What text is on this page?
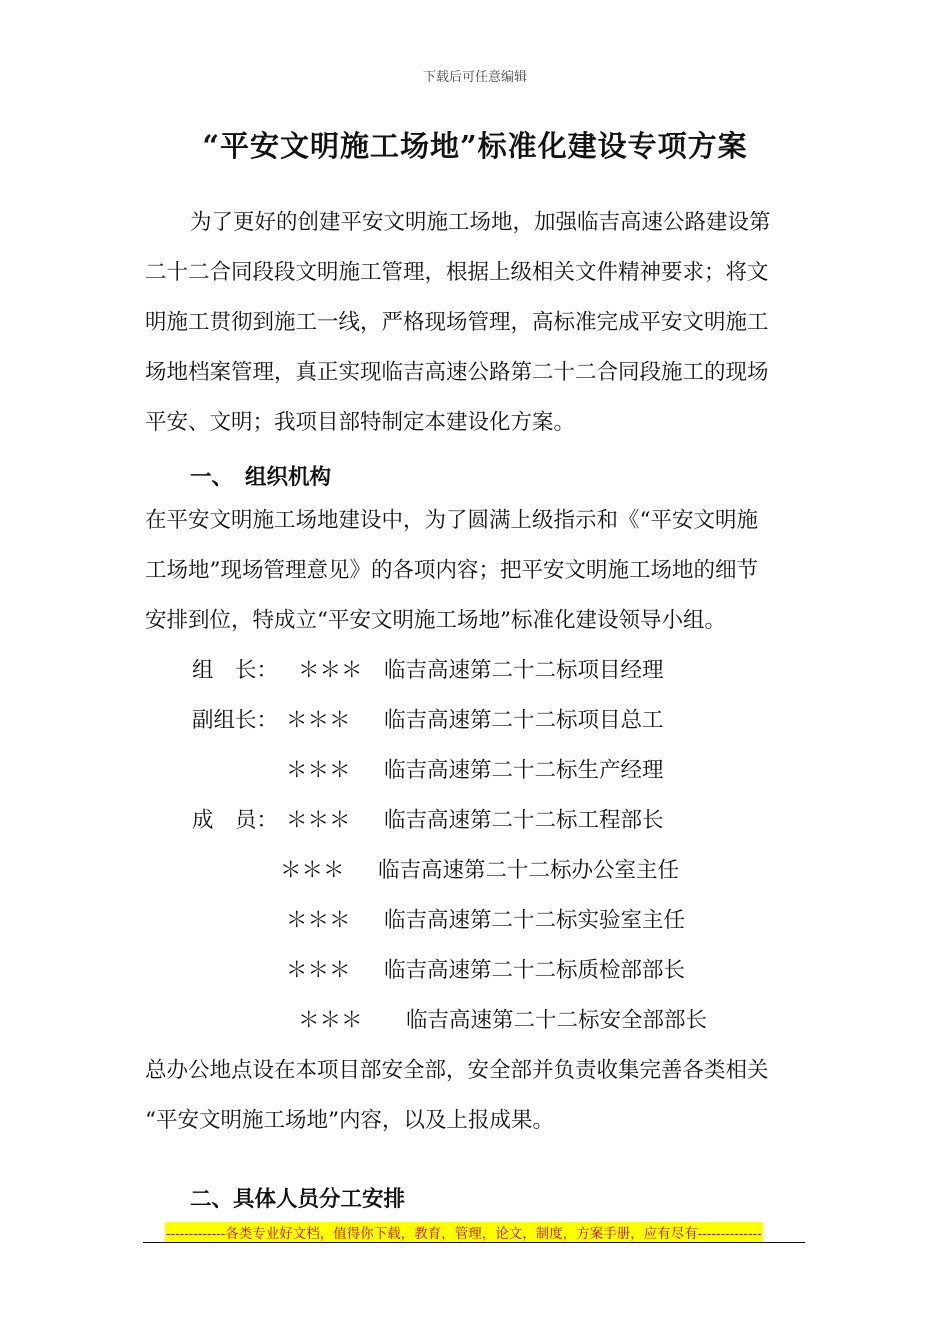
下载后可任意编辑
“平安文明施工场地”标准化建设专项方案
为了更好的创建平安文明施工场地，加强临吉高速公路建设第
二十二合同段段文明施工管理，根据上级相关文件精神要求；将文
明施工贯彻到施工一线，严格现场管理，高标准完成平安文明施工
场地档案管理，真正实现临吉高速公路第二十二合同段施工的现场
平安、文明；我项目部特制定本建设化方案。
一、 组织机构
在平安文明施工场地建设中，为了圆满上级指示和《“平安文明施
工场地”现场管理意见》的各项内容；把平安文明施工场地的细节
安排到位，特成立“平安文明施工场地”标准化建设领导小组。
组　长： ＊＊＊ 临吉高速第二十二标项目经理
副组长： ＊＊＊ 临吉高速第二十二标项目总工
＊＊＊ 临吉高速第二十二标生产经理
成　员： ＊＊＊ 临吉高速第二十二标工程部长
＊＊＊ 临吉高速第二十二标办公室主任
＊＊＊ 临吉高速第二十二标实验室主任
＊＊＊ 临吉高速第二十二标质检部部长
＊＊＊ 临吉高速第二十二标安全部部长
总办公地点设在本项目部安全部，安全部并负责收集完善各类相关
“平安文明施工场地”内容，以及上报成果。
二、具体人员分工安排
-------------各类专业好文档，值得你下载，教育，管理，论文，制度，方案手册，应有尽有--------------
